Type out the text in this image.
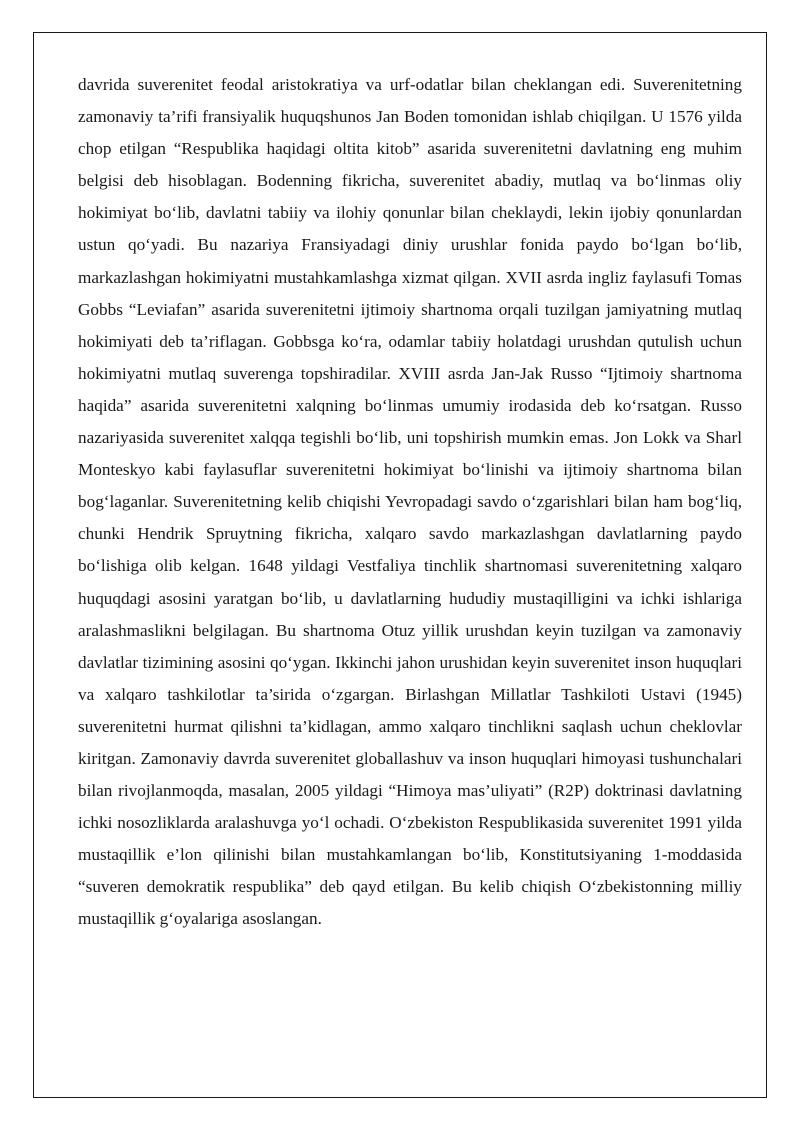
davrida suverenitet feodal aristokratiya va urf-odatlar bilan cheklangan edi. Suverenitetning zamonaviy ta’rifi fransiyalik huquqshunos Jan Boden tomonidan ishlab chiqilgan. U 1576 yilda chop etilgan “Respublika haqidagi oltita kitob” asarida suverenitetni davlatning eng muhim belgisi deb hisoblagan. Bodenning fikricha, suverenitet abadiy, mutlaq va bo‘linmas oliy hokimiyat bo‘lib, davlatni tabiiy va ilohiy qonunlar bilan cheklaydi, lekin ijobiy qonunlardan ustun qo‘yadi. Bu nazariya Fransiyadagi diniy urushlar fonida paydo bo‘lgan bo‘lib, markazlashgan hokimiyatni mustahkamlashga xizmat qilgan. XVII asrda ingliz faylasufi Tomas Gobbs “Leviafan” asarida suverenitetni ijtimoiy shartnoma orqali tuzilgan jamiyatning mutlaq hokimiyati deb ta’riflagan. Gobbsga ko‘ra, odamlar tabiiy holatdagi urushdan qutulish uchun hokimiyatni mutlaq suverenga topshiradilar. XVIII asrda Jan-Jak Russo “Ijtimoiy shartnoma haqida” asarida suverenitetni xalqning bo‘linmas umumiy irodasida deb ko‘rsatgan. Russo nazariyasida suverenitet xalqqa tegishli bo‘lib, uni topshirish mumkin emas. Jon Lokk va Sharl Monteskyo kabi faylasuflar suverenitetni hokimiyat bo‘linishi va ijtimoiy shartnoma bilan bog‘laganlar. Suverenitetning kelib chiqishi Yevropadagi savdo o‘zgarishlari bilan ham bog‘liq, chunki Hendrik Spruytning fikricha, xalqaro savdo markazlashgan davlatlarning paydo bo‘lishiga olib kelgan. 1648 yildagi Vestfaliya tinchlik shartnomasi suverenitetning xalqaro huquqdagi asosini yaratgan bo‘lib, u davlatlarning hududiy mustaqilligini va ichki ishlariga aralashmaslikni belgilagan. Bu shartnoma Otuz yillik urushdan keyin tuzilgan va zamonaviy davlatlar tizimining asosini qo‘ygan. Ikkinchi jahon urushidan keyin suverenitet inson huquqlari va xalqaro tashkilotlar ta’sirida o‘zgargan. Birlashgan Millatlar Tashkiloti Ustavi (1945) suverenitetni hurmat qilishni ta’kidlagan, ammo xalqaro tinchlikni saqlash uchun cheklovlar kiritgan. Zamonaviy davrda suverenitet globallashuv va inson huquqlari himoyasi tushunchalari bilan rivojlanmoqda, masalan, 2005 yildagi “Himoya mas’uliyati” (R2P) doktrinasi davlatning ichki nosozliklarda aralashuvga yo‘l ochadi. O‘zbekiston Respublikasida suverenitet 1991 yilda mustaqillik e’lon qilinishi bilan mustahkamlangan bo‘lib, Konstitutsiyaning 1-moddasida “suveren demokratik respublika” deb qayd etilgan. Bu kelib chiqish O‘zbekistonning milliy mustaqillik g‘oyalariga asoslangan.
